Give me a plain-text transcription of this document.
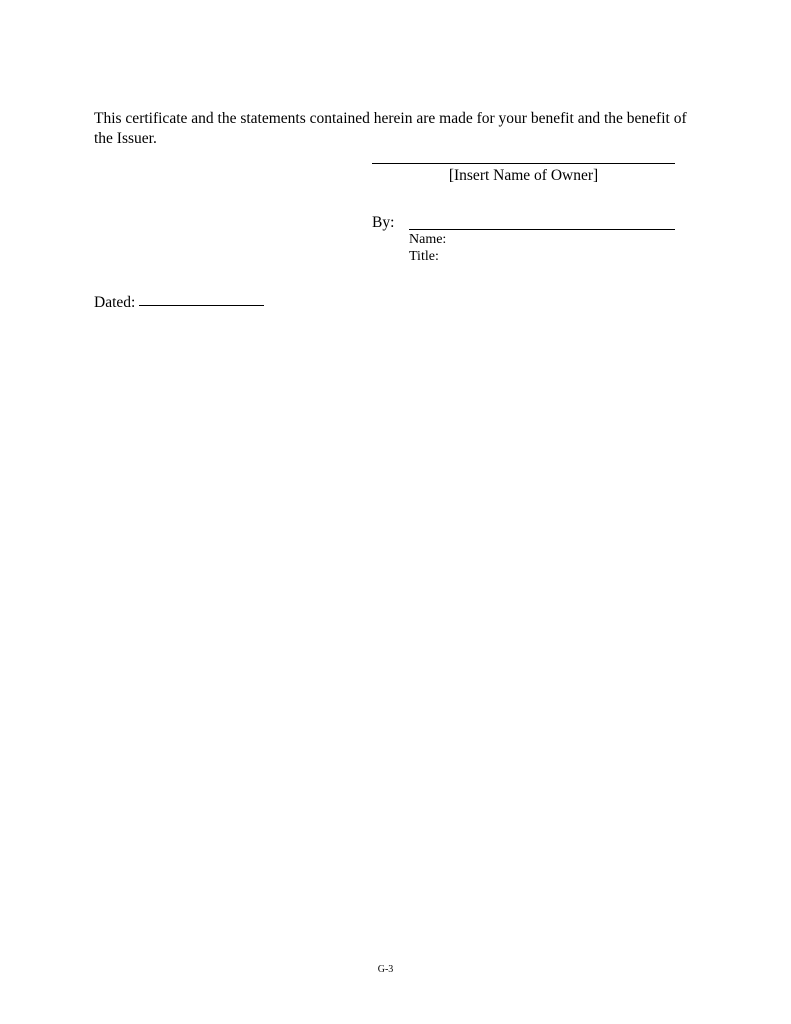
This certificate and the statements contained herein are made for your benefit and the benefit of the Issuer.

[Insert Name of Owner]
By:
Name:
Title:
Dated:
G-3
